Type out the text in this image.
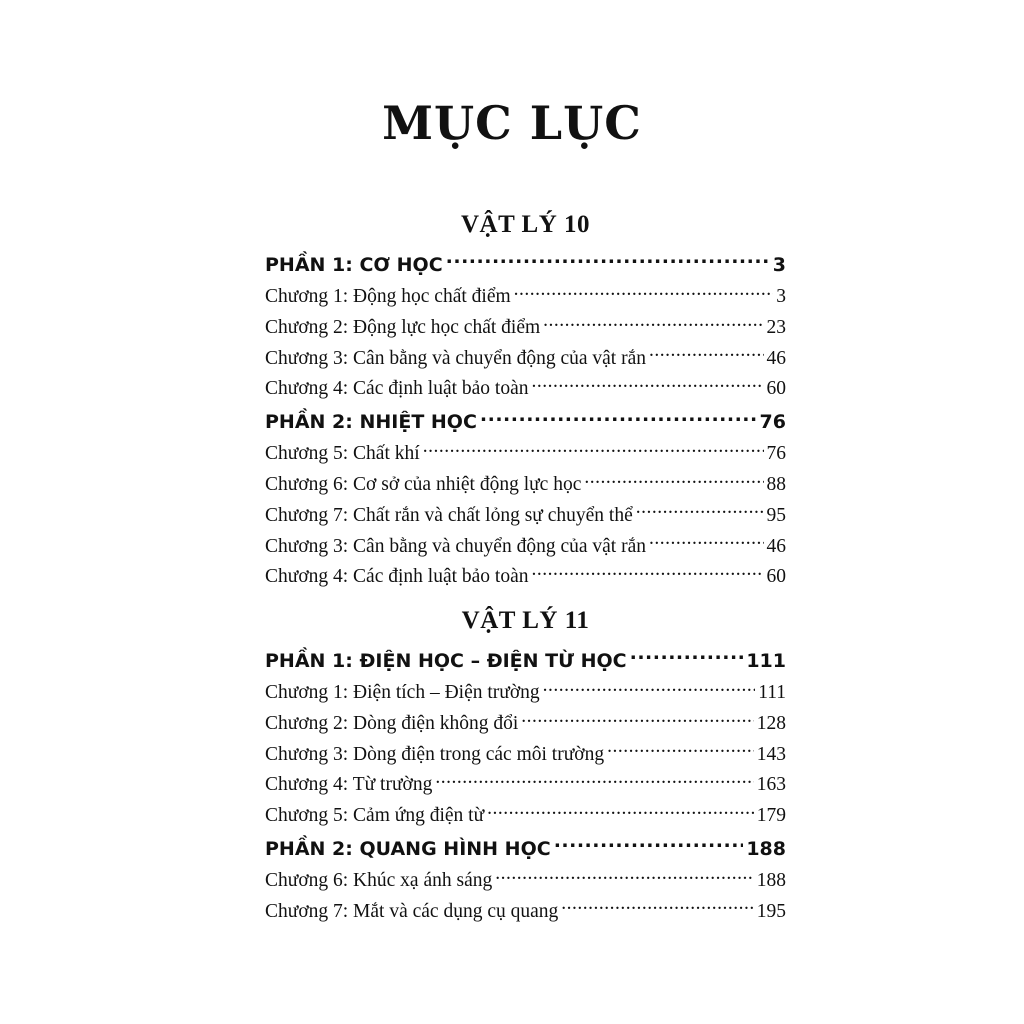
MỤC LỤC
VẬT LÝ 10
PHẦN 1: CƠ HỌC .....	3
Chương 1: Động học chất điểm .....	3
Chương 2: Động lực học chất điểm .....	23
Chương 3: Cân bằng và chuyển động của vật rắn .....	46
Chương 4: Các định luật bảo toàn .....	60
PHẦN 2: NHIỆT HỌC .....	76
Chương 5: Chất khí .....	76
Chương 6: Cơ sở của nhiệt động lực học .....	88
Chương 7: Chất rắn và chất lỏng sự chuyển thể .....	95
Chương 3: Cân bằng và chuyển động của vật rắn .....	46
Chương 4: Các định luật bảo toàn .....	60
VẬT LÝ 11
PHẦN 1: ĐIỆN HỌC – ĐIỆN TỪ HỌC .....	111
Chương 1: Điện tích – Điện trường .....	111
Chương 2: Dòng điện không đổi .....	128
Chương 3: Dòng điện trong các môi trường .....	143
Chương 4: Từ trường .....	163
Chương 5: Cảm ứng điện từ .....	179
PHẦN 2: QUANG HÌNH HỌC .....	188
Chương 6: Khúc xạ ánh sáng .....	188
Chương 7: Mắt và các dụng cụ quang .....	195
